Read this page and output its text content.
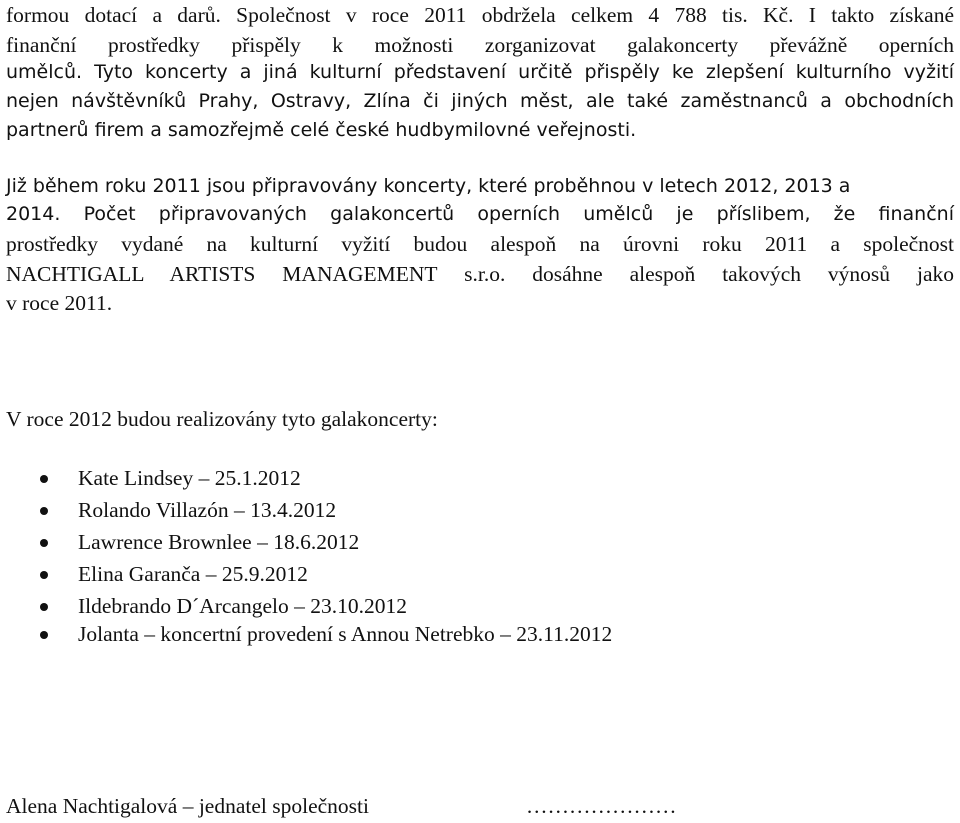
formou dotací a darů. Společnost v roce 2011 obdržela celkem 4 788 tis. Kč. I takto získané
finanční prostředky přispěly k možnosti zorganizovat galakoncerty převážně operních
umělců. Tyto koncerty a jiná kulturní představení určitě přispěly ke zlepšení kulturního vyžití
nejen návštěvníků Prahy, Ostravy, Zlína či jiných měst, ale také zaměstnanců a obchodních
partnerů firem a samozřejmě celé české hudbymilovné veřejnosti.
Již během roku 2011 jsou připravovány koncerty, které proběhnou v letech 2012, 2013 a
2014. Počet připravovaných galakoncertů operních umělců je příslibem, že finanční
prostředky vydané na kulturní vyžití budou alespoň na úrovni roku 2011 a společnost
NACHTIGALL ARTISTS MANAGEMENT s.r.o. dosáhne alespoň takových výnosů jako
v roce 2011.
V roce 2012 budou realizovány tyto galakoncerty:
Kate Lindsey – 25.1.2012
Rolando Villazón – 13.4.2012
Lawrence Brownlee – 18.6.2012
Elina Garanča – 25.9.2012
Ildebrando D´Arcangelo – 23.10.2012
Jolanta – koncertní provedení s Annou Netrebko – 23.11.2012
Alena Nachtigalová – jednatel společnosti	…………………
